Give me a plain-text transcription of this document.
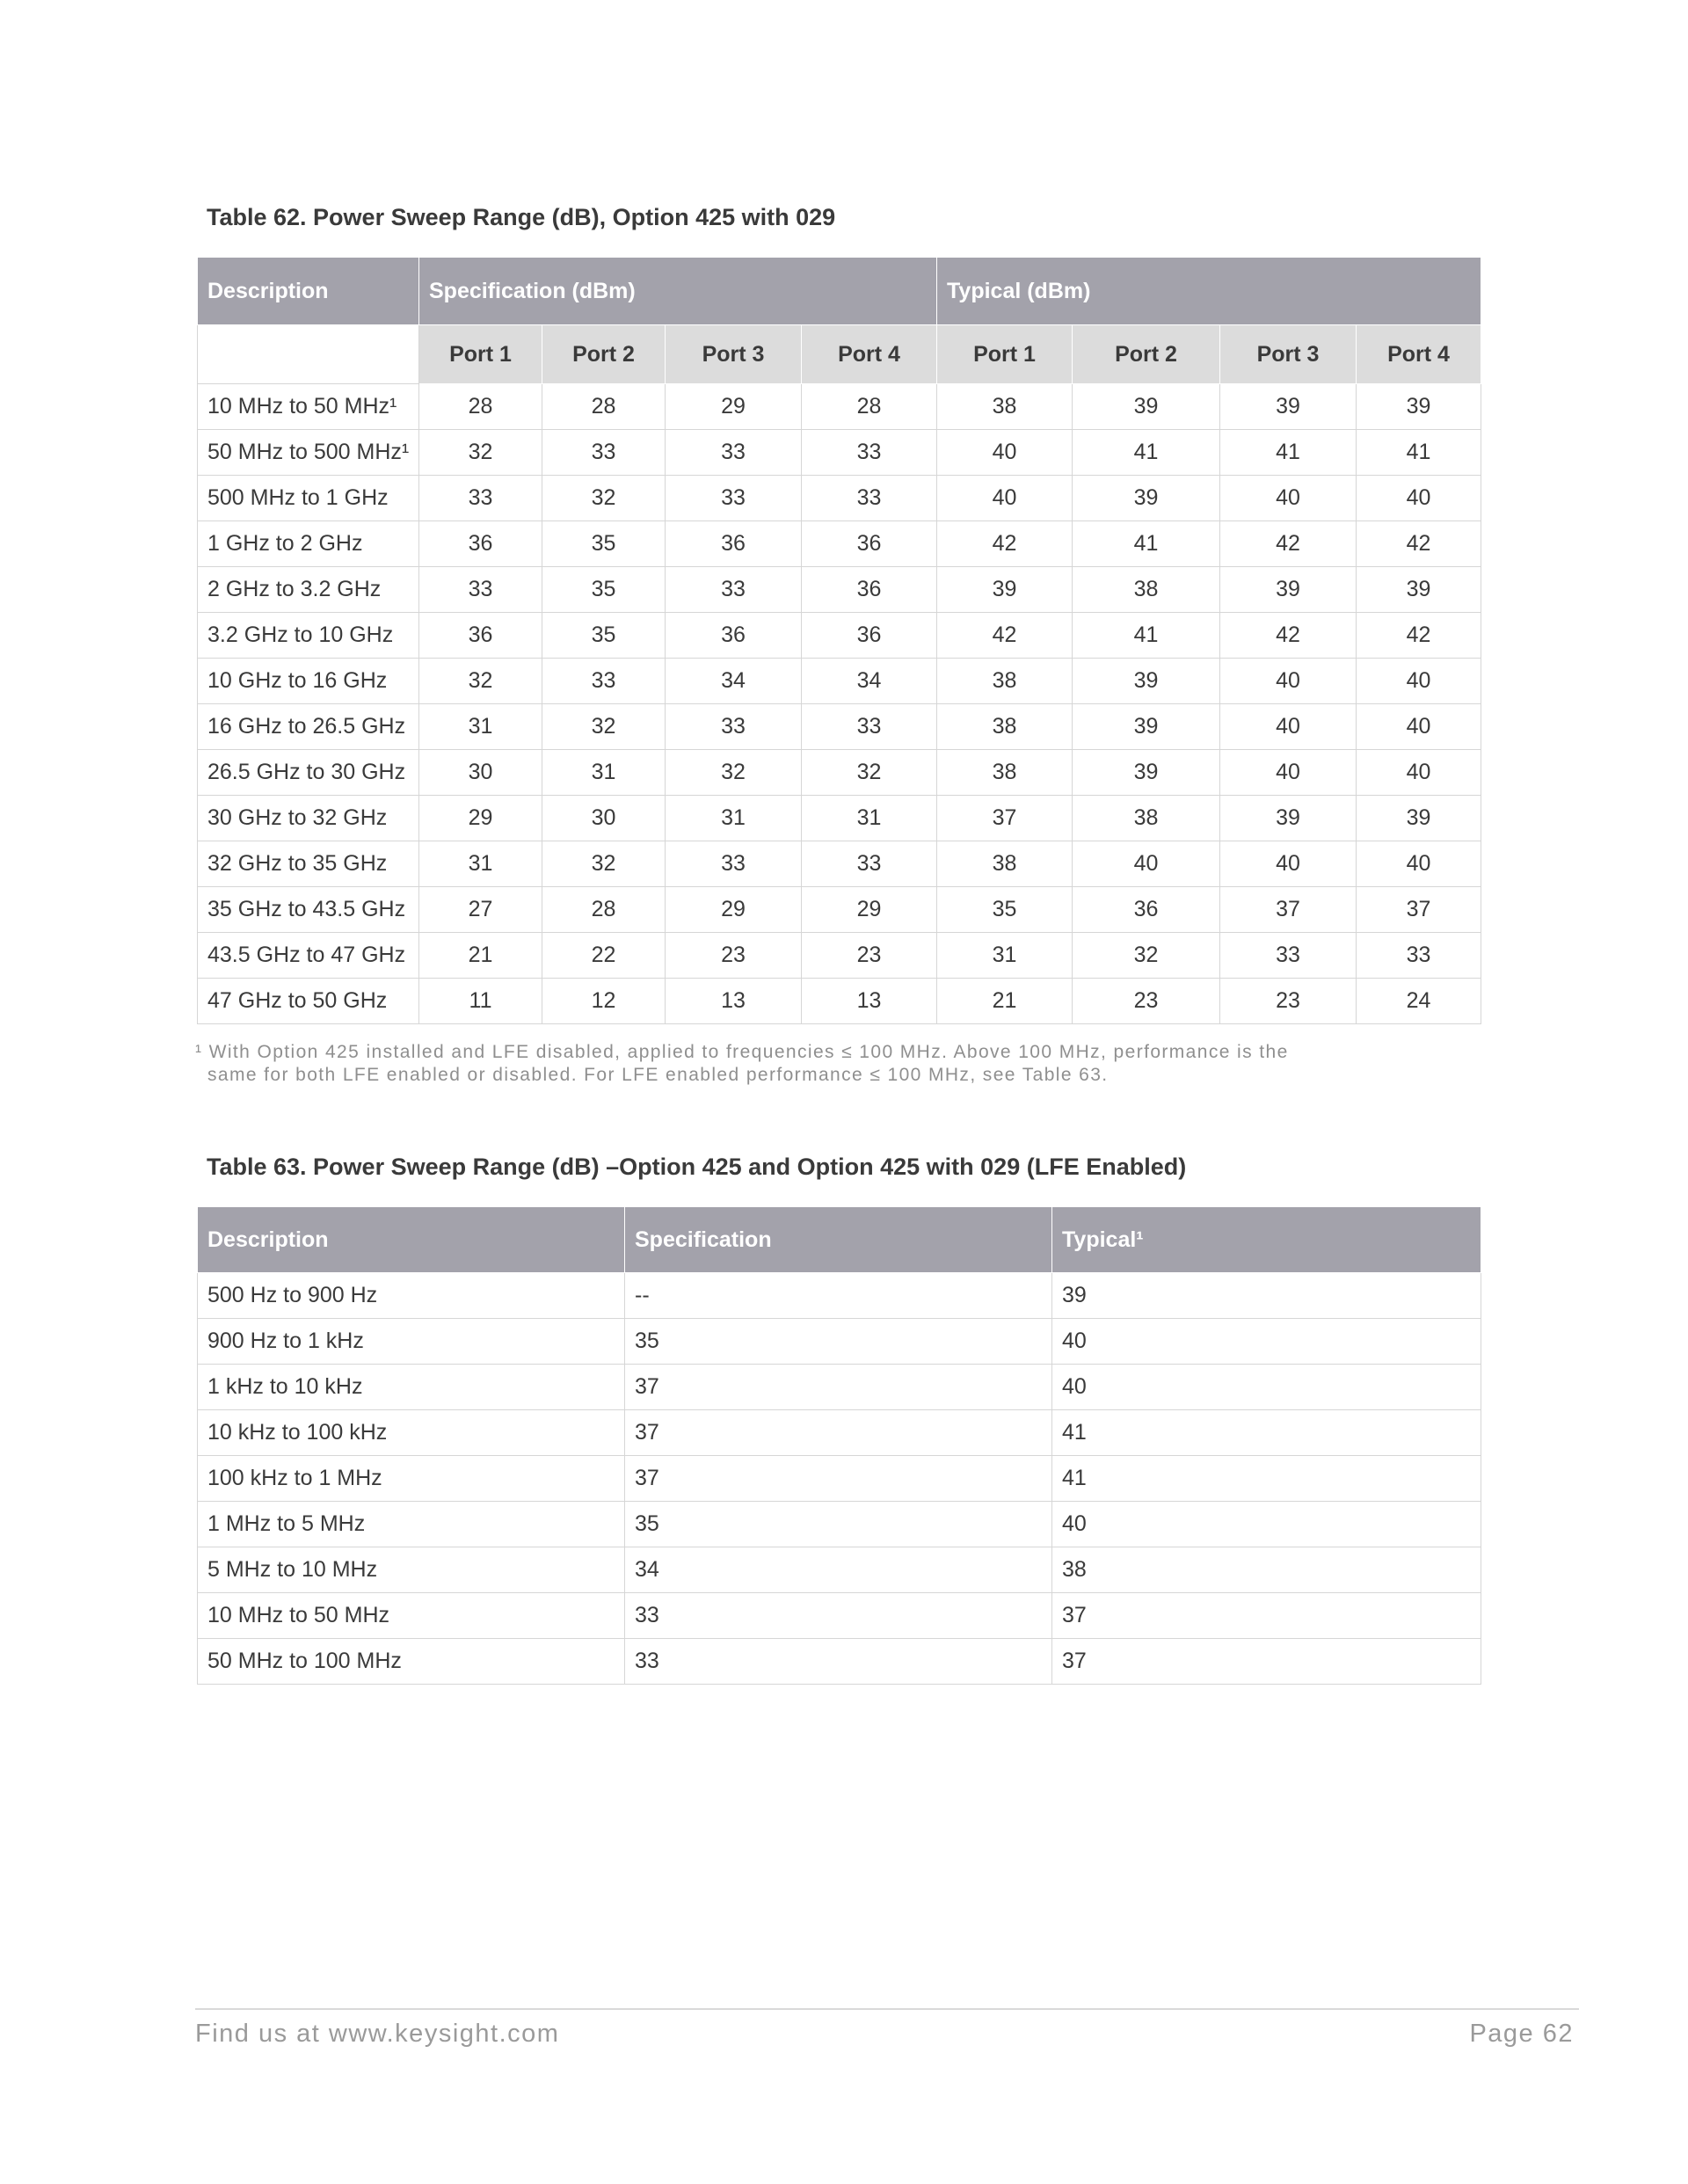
Table 62. Power Sweep Range (dB), Option 425 with 029
Description	Specification (dBm)				Typical (dBm)			
	Port 1	Port 2	Port 3	Port 4	Port 1	Port 2	Port 3	Port 4
10 MHz to 50 MHz¹	28	28	29	28	38	39	39	39
50 MHz to 500 MHz¹	32	33	33	33	40	41	41	41
500 MHz to 1 GHz	33	32	33	33	40	39	40	40
1 GHz to 2 GHz	36	35	36	36	42	41	42	42
2 GHz to 3.2 GHz	33	35	33	36	39	38	39	39
3.2 GHz to 10 GHz	36	35	36	36	42	41	42	42
10 GHz to 16 GHz	32	33	34	34	38	39	40	40
16 GHz to 26.5 GHz	31	32	33	33	38	39	40	40
26.5 GHz to 30 GHz	30	31	32	32	38	39	40	40
30 GHz to 32 GHz	29	30	31	31	37	38	39	39
32 GHz to 35 GHz	31	32	33	33	38	40	40	40
35 GHz to 43.5 GHz	27	28	29	29	35	36	37	37
43.5 GHz to 47 GHz	21	22	23	23	31	32	33	33
47 GHz to 50 GHz	11	12	13	13	21	23	23	24
¹ With Option 425 installed and LFE disabled, applied to frequencies ≤ 100 MHz. Above 100 MHz, performance is the
same for both LFE enabled or disabled. For LFE enabled performance ≤ 100 MHz, see Table 63.
Table 63. Power Sweep Range (dB) –Option 425 and Option 425 with 029 (LFE Enabled)
Description	Specification	Typical¹
500 Hz to 900 Hz	--	39
900 Hz to 1 kHz	35	40
1 kHz to 10 kHz	37	40
10 kHz to 100 kHz	37	41
100 kHz to 1 MHz	37	41
1 MHz to 5 MHz	35	40
5 MHz to 10 MHz	34	38
10 MHz to 50 MHz	33	37
50 MHz to 100 MHz	33	37
Find us at www.keysight.com	Page 62
